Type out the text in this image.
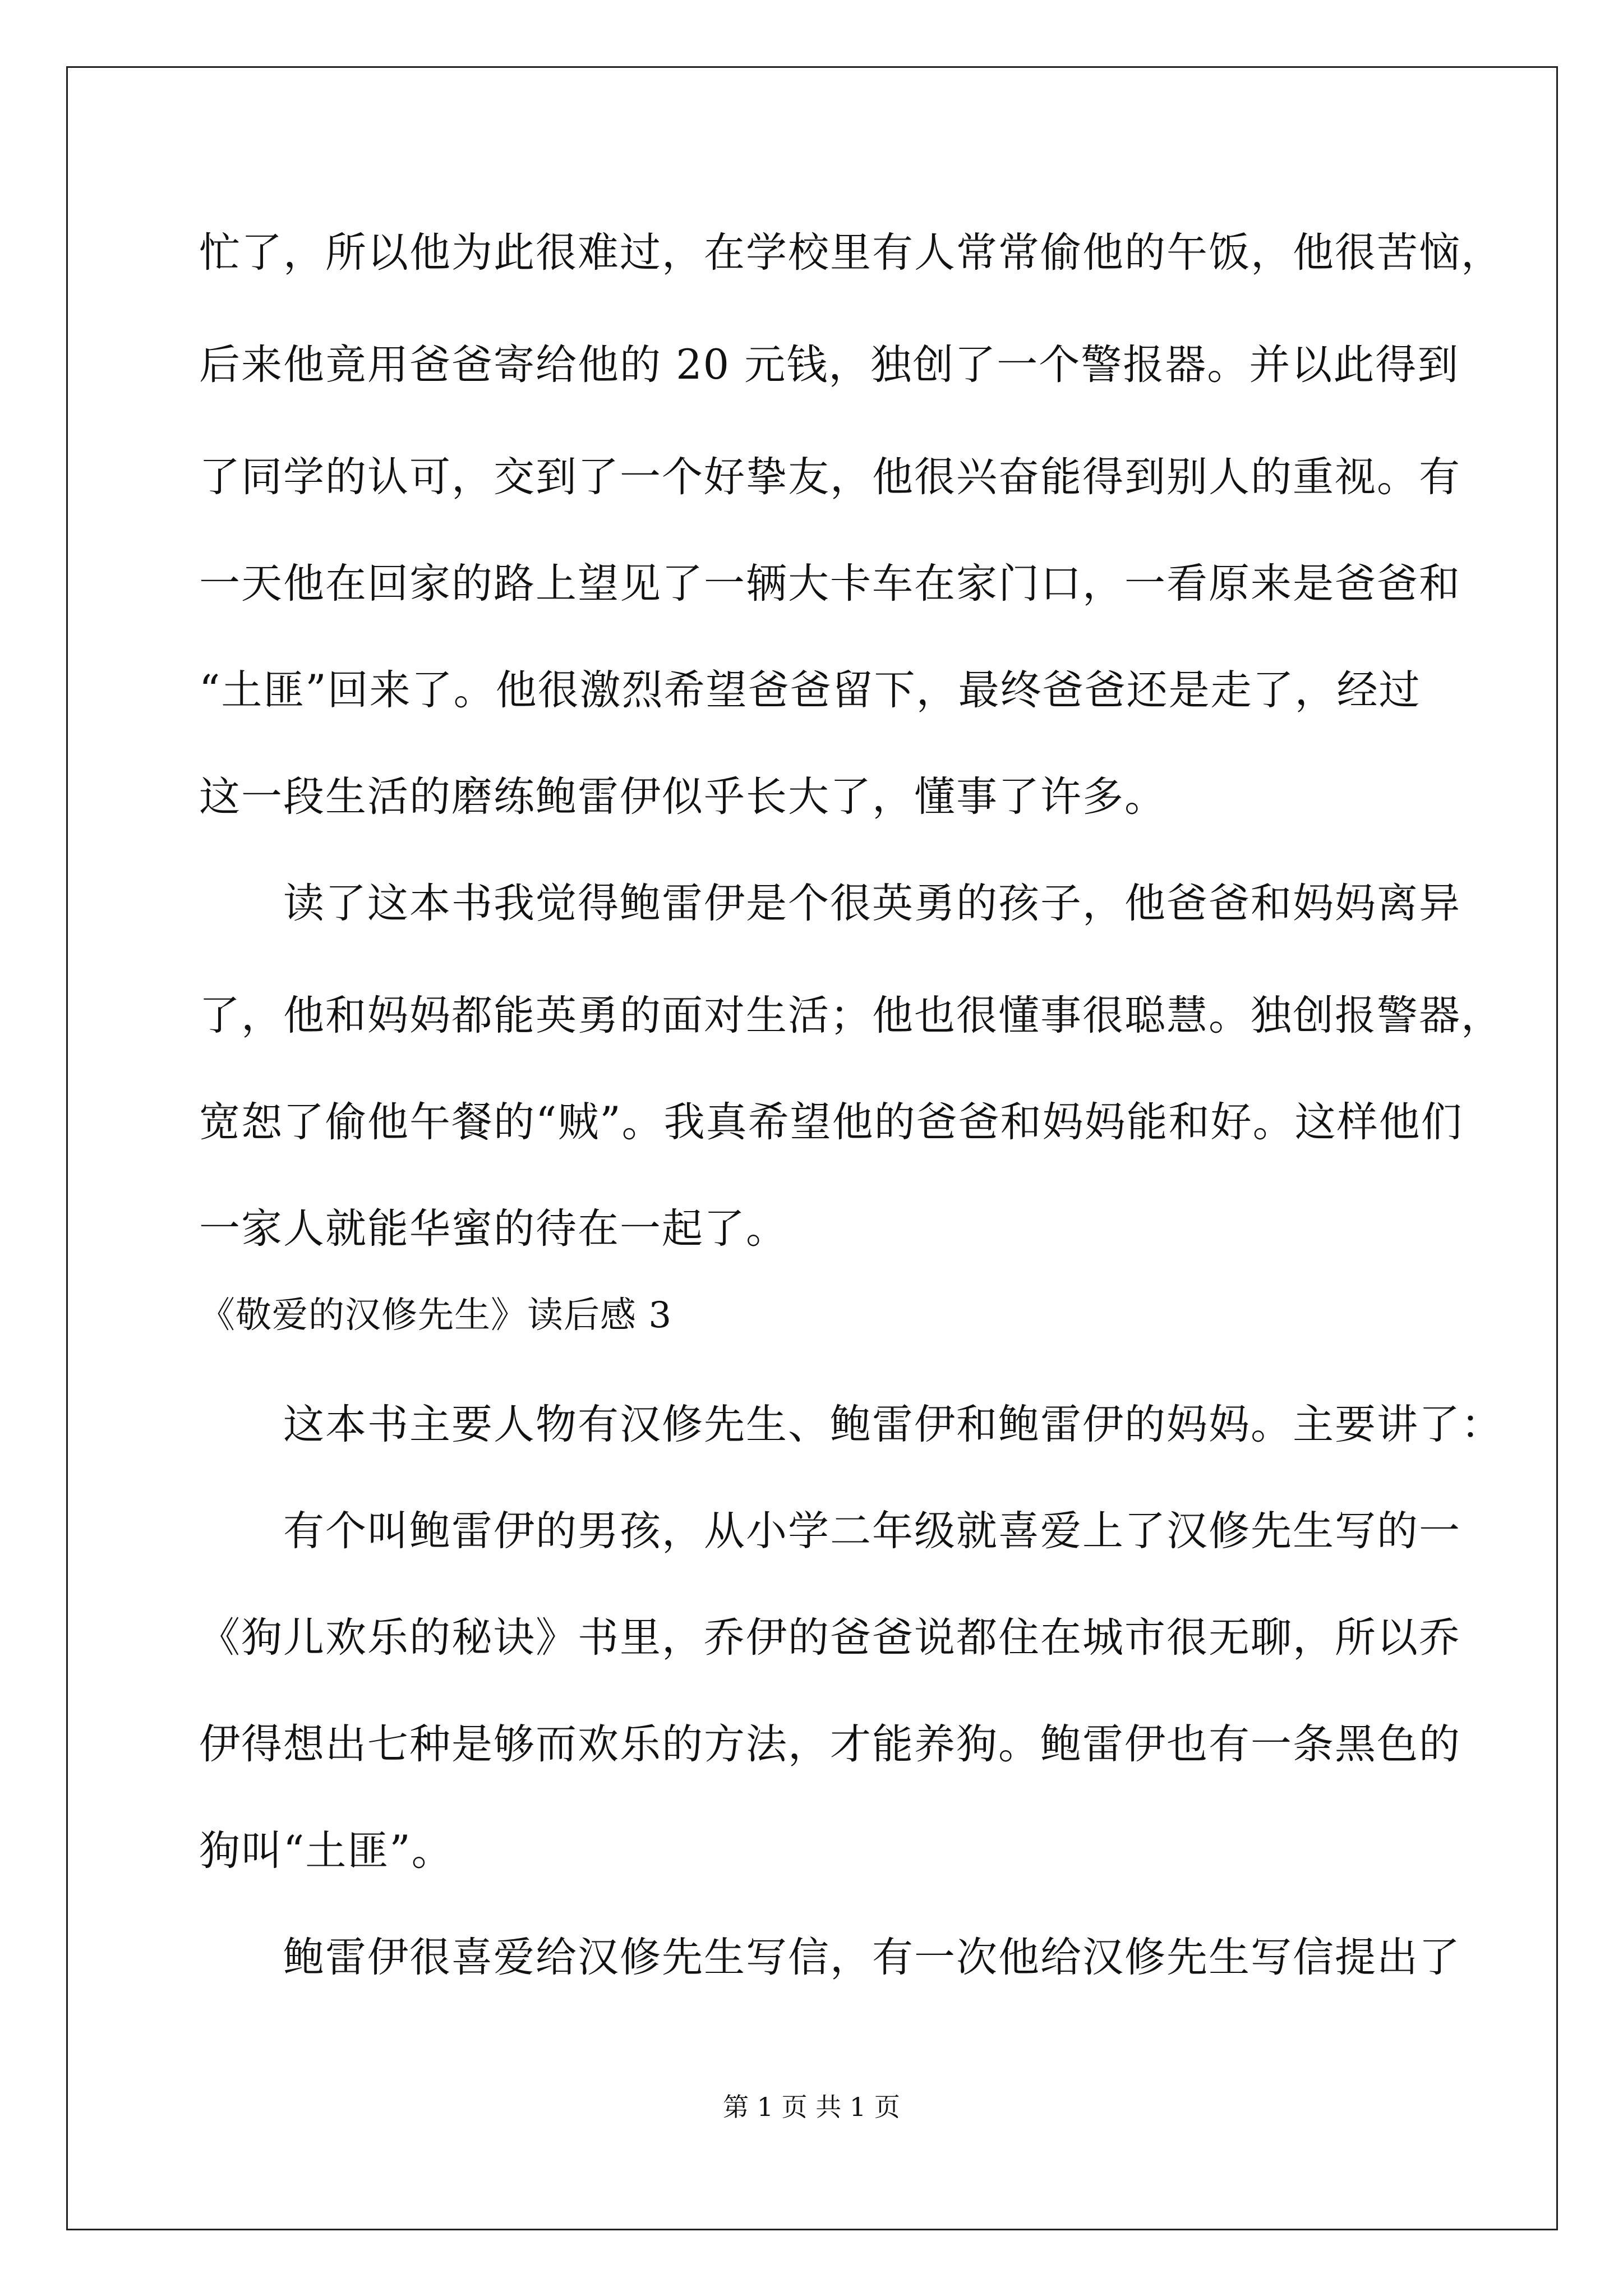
忙了，所以他为此很难过，在学校里有人常常偷他的午饭，他很苦恼，
后来他竟用爸爸寄给他的 20 元钱，独创了一个警报器。并以此得到
了同学的认可，交到了一个好挚友，他很兴奋能得到别人的重视。有
一天他在回家的路上望见了一辆大卡车在家门口，一看原来是爸爸和
“土匪”回来了。他很激烈希望爸爸留下，最终爸爸还是走了，经过
这一段生活的磨练鲍雷伊似乎长大了，懂事了许多。
读了这本书我觉得鲍雷伊是个很英勇的孩子，他爸爸和妈妈离异
了，他和妈妈都能英勇的面对生活；他也很懂事很聪慧。独创报警器，
宽恕了偷他午餐的“贼”。我真希望他的爸爸和妈妈能和好。这样他们
一家人就能华蜜的待在一起了。
《敬爱的汉修先生》读后感 3
这本书主要人物有汉修先生、鲍雷伊和鲍雷伊的妈妈。主要讲了：
有个叫鲍雷伊的男孩，从小学二年级就喜爱上了汉修先生写的一
《狗儿欢乐的秘诀》书里，乔伊的爸爸说都住在城市很无聊，所以乔
伊得想出七种是够而欢乐的方法，才能养狗。鲍雷伊也有一条黑色的
狗叫“土匪”。
鲍雷伊很喜爱给汉修先生写信，有一次他给汉修先生写信提出了
第 1 页 共 1 页
